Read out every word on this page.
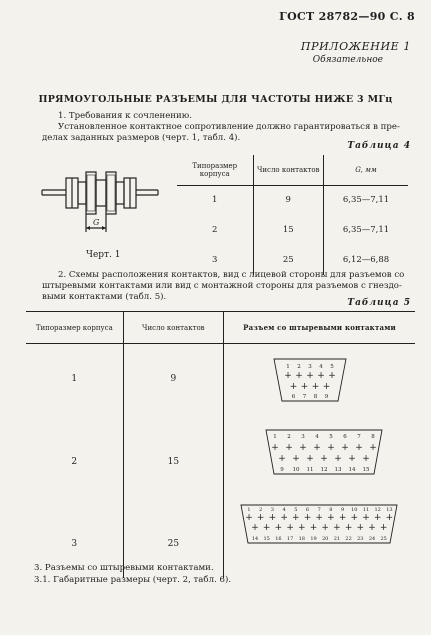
ГОСТ 28782—90 С. 8
ПРИЛОЖЕНИЕ 1
Обязательное
ПРЯМОУГОЛЬНЫЕ РАЗЪЕМЫ ДЛЯ ЧАСТОТЫ НИЖЕ 3 МГц
1. Требования к сочленению.
Установленное контактное сопротивление должно гарантироваться в пре-
делах заданных размеров (черт. 1, табл. 4).
Таблица 4
G
Черт. 1
Типоразмер корпуса	Число контактов	G, мм
1	9	6,35—7,11
2	15	6,35—7,11
3	25	6,12—6,88
2. Схемы расположения контактов, вид с лицевой стороны для разъемов со
штыревыми контактами или вид с монтажной стороны для разъемов с гнездо-
выми контактами (табл. 5).
Таблица 5
Типоразмер корпуса	Число контактов	Разъем со штыревыми контактами
1	9	
2	15	
3	25	
1
+
2
+
3
+
4
+
5
+
+
6
+
7
+
8
+
9
1
+
2
+
3
+
4
+
5
+
6
+
7
+
8
+
+
9
+
10
+
11
+
12
+
13
+
14
+
15
1
+
2
+
3
+
4
+
5
+
6
+
7
+
8
+
9
+
10
+
11
+
12
+
13
+
+
14
+
15
+
16
+
17
+
18
+
19
+
20
+
21
+
22
+
23
+
24
+
25
3. Разъемы со штыревыми контактами.
3.1. Габаритные размеры (черт. 2, табл. 6).
